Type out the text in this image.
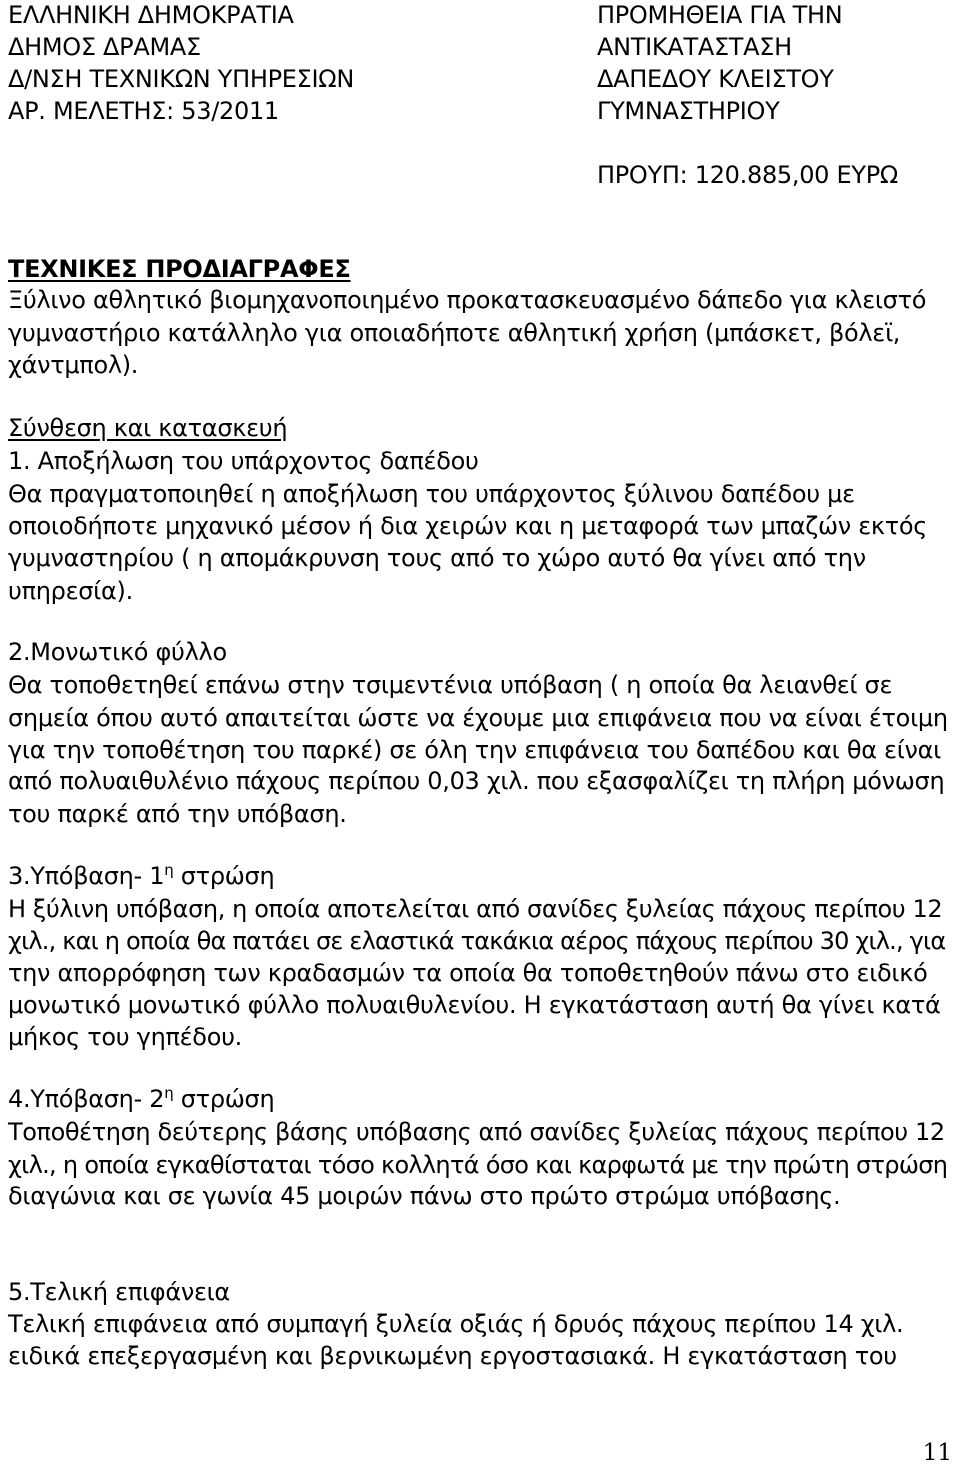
ΕΛΛΗΝΙΚΗ ΔΗΜΟΚΡΑΤΙΑ
ΔΗΜΟΣ ΔΡΑΜΑΣ
Δ/ΝΣΗ ΤΕΧΝΙΚΩΝ ΥΠΗΡΕΣΙΩΝ
ΑΡ. ΜΕΛΕΤΗΣ: 53/2011
ΠΡΟΜΗΘΕΙΑ ΓΙΑ ΤΗΝ
ΑΝΤΙΚΑΤΑΣΤΑΣΗ
ΔΑΠΕΔΟΥ ΚΛΕΙΣΤΟΥ
ΓΥΜΝΑΣΤΗΡΙΟΥ
ΠΡΟΥΠ: 120.885,00 ΕΥΡΩ
ΤΕΧΝΙΚΕΣ ΠΡΟΔΙΑΓΡΑΦΕΣ
Ξύλινο αθλητικό βιομηχανοποιημένο προκατασκευασμένο δάπεδο για κλειστό
γυμναστήριο κατάλληλο για οποιαδήποτε αθλητική χρήση (μπάσκετ, βόλεϊ,
χάντμπολ).
Σύνθεση και κατασκευή
1. Αποξήλωση του υπάρχοντος δαπέδου
Θα πραγματοποιηθεί η αποξήλωση του υπάρχοντος ξύλινου δαπέδου με
οποιοδήποτε μηχανικό μέσον ή δια χειρών και η μεταφορά των μπαζών εκτός
γυμναστηρίου ( η απομάκρυνση τους από το χώρο αυτό θα γίνει από την
υπηρεσία).
2.Μονωτικό φύλλο
Θα τοποθετηθεί επάνω στην τσιμεντένια υπόβαση ( η οποία θα λειανθεί σε
σημεία όπου αυτό απαιτείται ώστε να έχουμε μια επιφάνεια που να είναι έτοιμη
για την τοποθέτηση του παρκέ) σε όλη την επιφάνεια του δαπέδου και θα είναι
από πολυαιθυλένιο πάχους περίπου 0,03 χιλ. που εξασφαλίζει τη πλήρη μόνωση
του παρκέ από την υπόβαση.
3.Υπόβαση- $1^\eta$ στρώση
Η ξύλινη υπόβαση, η οποία αποτελείται από σανίδες ξυλείας πάχους περίπου 12
χιλ., και η οποία θα πατάει σε ελαστικά τακάκια αέρος πάχους περίπου 30 χιλ., για
την απορρόφηση των κραδασμών τα οποία θα τοποθετηθούν πάνω στο ειδικό
μονωτικό μονωτικό φύλλο πολυαιθυλενίου. Η εγκατάσταση αυτή θα γίνει κατά
μήκος του γηπέδου.
4.Υπόβαση- $2^\eta$ στρώση
Τοποθέτηση δεύτερης βάσης υπόβασης από σανίδες ξυλείας πάχους περίπου 12
χιλ., η οποία εγκαθίσταται τόσο κολλητά όσο και καρφωτά με την πρώτη στρώση
διαγώνια και σε γωνία 45 μοιρών πάνω στο πρώτο στρώμα υπόβασης.
5.Τελική επιφάνεια
Τελική επιφάνεια από συμπαγή ξυλεία οξιάς ή δρυός πάχους περίπου 14 χιλ.
ειδικά επεξεργασμένη και βερνικωμένη εργοστασιακά. Η εγκατάσταση του
11
